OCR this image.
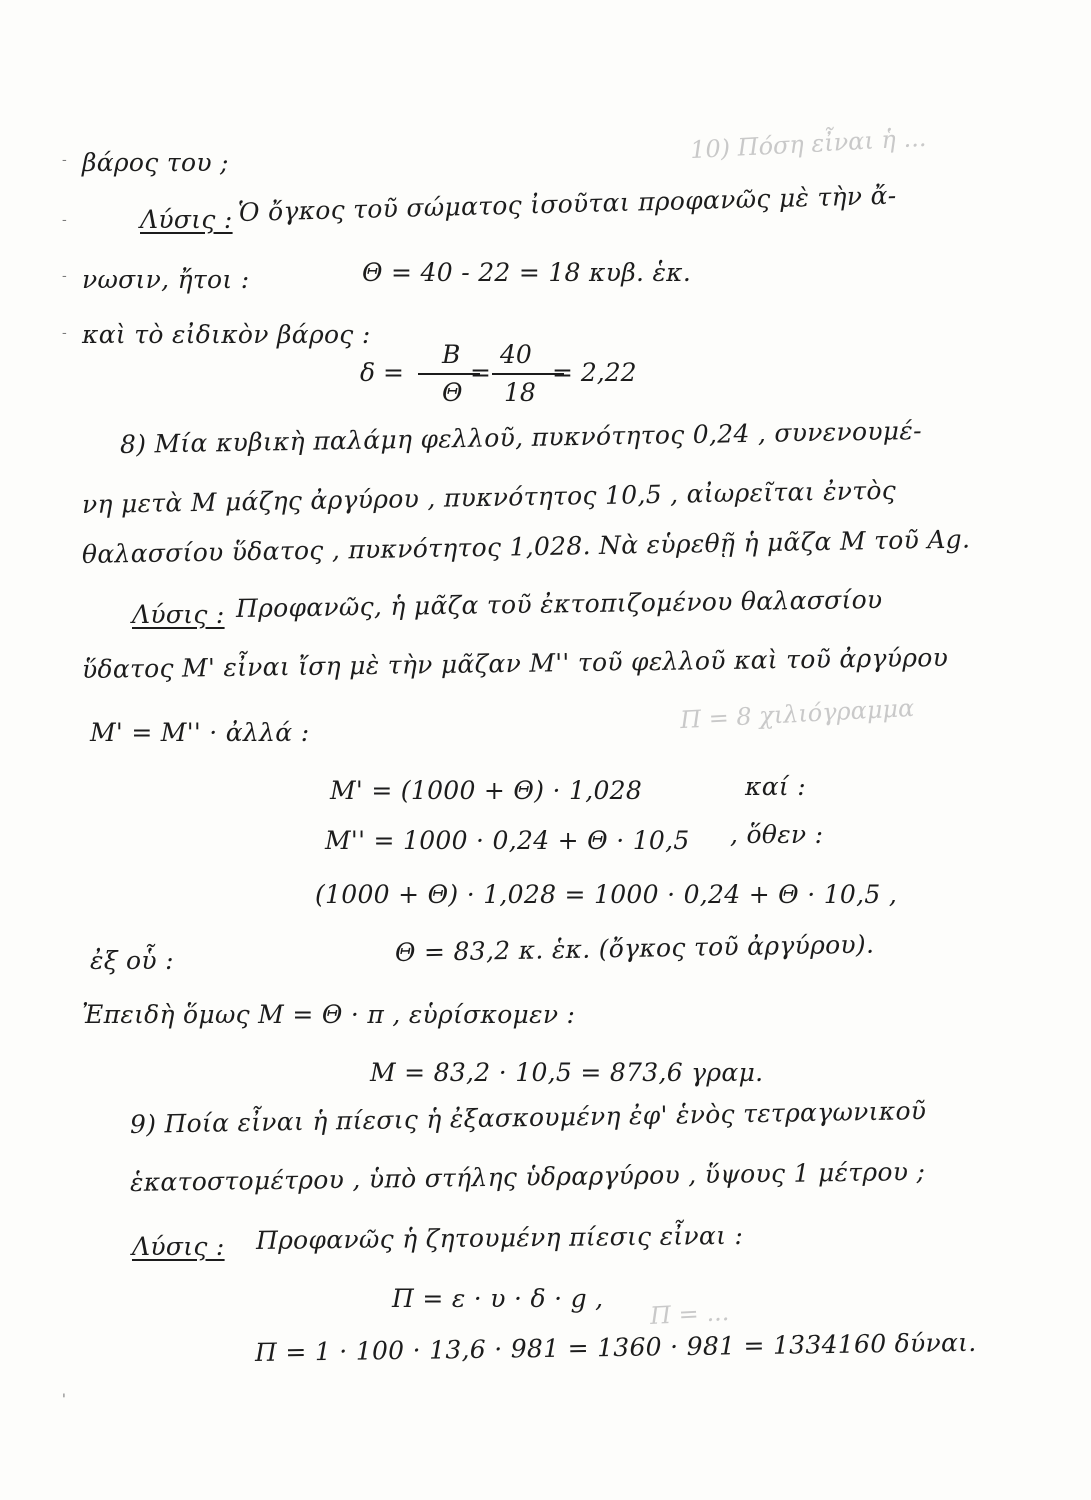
10) Πόση εἶναι ἡ ...
Π = 8 χιλιόγραμμα
Π = ...
βάρος του ;
Λύσις : Ὁ ὄγκος τοῦ σώματος ἰσοῦται προφανῶς μὲ τὴν ἄ-
νωσιν, ἤτοι :	Θ = 40 - 22 = 18 κυβ. ἑκ.
καὶ τὸ εἰδικὸν βάρος :
δ =
Β
Θ
=
40
18
= 2,22
8) Μία κυβικὴ παλάμη φελλοῦ, πυκνότητος 0,24 , συνενουμέ-
νη μετὰ Μ μάζης ἀργύρου , πυκνότητος 10,5 , αἰωρεῖται ἐντὸς
θαλασσίου ὕδατος , πυκνότητος 1,028. Νὰ εὑρεθῇ ἡ μᾶζα Μ τοῦ Ag.
Λύσις : Προφανῶς, ἡ μᾶζα τοῦ ἐκτοπιζομένου θαλασσίου
ὕδατος Μ' εἶναι ἴση μὲ τὴν μᾶζαν Μ'' τοῦ φελλοῦ καὶ τοῦ ἀργύρου
Μ' = Μ'' · ἀλλά :
Μ' = (1000 + Θ) · 1,028	καί :
Μ'' = 1000 · 0,24 + Θ · 10,5 , ὅθεν :
(1000 + Θ) · 1,028 = 1000 · 0,24 + Θ · 10,5 ,
ἐξ οὗ :	Θ = 83,2 κ. ἑκ. (ὄγκος τοῦ ἀργύρου).
Ἐπειδὴ ὅμως Μ = Θ · π , εὑρίσκομεν :
Μ = 83,2 · 10,5 = 873,6 γραμ.
9) Ποία εἶναι ἡ πίεσις ἡ ἐξασκουμένη ἐφ' ἑνὸς τετραγωνικοῦ
ἑκατοστομέτρου , ὑπὸ στήλης ὑδραργύρου , ὕψους 1 μέτρου ;
Λύσις : Προφανῶς ἡ ζητουμένη πίεσις εἶναι :
Π = ε · υ · δ · g ,
Π = 1 · 100 · 13,6 · 981 = 1360 · 981 = 1334160 δύναι.
-
-
-
-
'
